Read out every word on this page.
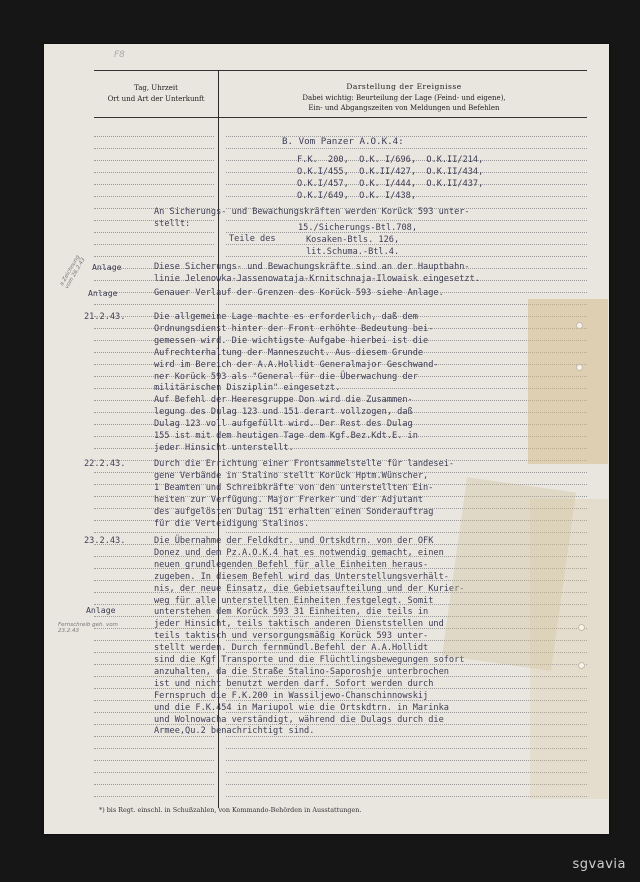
F8
Tag, Uhrzeit
Ort und Art der Unterkunft
Darstellung der Ereignisse
Dabei wichtig: Beurteilung der Lage (Feind- und eigene),
Ein- und Abgangszeiten von Meldungen und Befehlen
B. Vom Panzer A.O.K.4:
F.K.  200,  O.K. I/696,  O.K.II/214,
O.K.I/455,  O.K.II/427,  O.K.II/434,
O.K.I/457,  O.K. I/444,  O.K.II/437,
O.K.I/649,  O.K. I/438,
An Sicherungs- und Bewachungskräften werden Korück 593 unter-
stellt:
Teile des
15./Sicherungs-Btl.708,
Kosaken-Btls. 126,
lit.Schuma.-Btl.4.
Anlage	Diese Sicherungs- und Bewachungskräfte sind an der Hauptbahn-
linie Jelenowka-Jassenowataja-Krnitschnaja-Ilowaisk eingesetzt.
Anlage	Genauer Verlauf der Grenzen des Korück 593 siehe Anlage.
21.2.43.	Die allgemeine Lage machte es erforderlich, daß dem
Ordnungsdienst hinter der Front erhöhte Bedeutung bei-
gemessen wird. Die wichtigste Aufgabe hierbei ist die
Aufrechterhaltung der Manneszucht. Aus diesem Grunde
wird im Bereich der A.A.Hollidt Generalmajor Geschwand-
ner Korück 593 als "General für die Überwachung der
militärischen Disziplin" eingesetzt.
Auf Befehl der Heeresgruppe Don wird die Zusammen-
legung des Dulag 123 und 151 derart vollzogen, daß
Dulag 123 voll aufgefüllt wird. Der Rest des Dulag
155 ist mit dem heutigen Tage dem Kgf.Bez.Kdt.E. in
jeder Hinsicht unterstellt.
22.2.43.	Durch die Errichtung einer Frontsammelstelle für landesei-
gene Verbände in Stalino stellt Korück Hptm.Wünscher,
1 Beamten und Schreibkräfte von den unterstellten Ein-
heiten zur Verfügung. Major Frerker und der Adjutant
des aufgelösten Dulag 151 erhalten einen Sonderauftrag
für die Verteidigung Stalinos.
23.2.43.	Die Übernahme der Feldkdtr. und Ortskdtrn. von der OFK
Donez und dem Pz.A.O.K.4 hat es notwendig gemacht, einen
neuen grundlegenden Befehl für alle Einheiten heraus-
zugeben. In diesem Befehl wird das Unterstellungsverhält-
nis, der neue Einsatz, die Gebietsaufteilung und der Kurier-
weg für alle unterstellten Einheiten festgelegt. Somit
unterstehen dem Korück 593 31 Einheiten, die teils in
jeder Hinsicht, teils taktisch anderen Dienststellen und
teils taktisch und versorgungsmäßig Korück 593 unter-
stellt werden. Durch fernmündl.Befehl der A.A.Hollidt
sind die Kgf.Transporte und die Flüchtlingsbewegungen sofort
anzuhalten, da die Straße Stalino-Saporoshje unterbrochen
ist und nicht benutzt werden darf. Sofort werden durch
Fernspruch die F.K.200 in Wassiljewo-Chanschinnowskij
und die F.K.454 in Mariupol wie die Ortskdtrn. in Marinka
und Wolnowacha verständigt, während die Dulags durch die
Armee,Qu.2 benachrichtigt sind.
Anlage
a Zeichnung
vom 26.2.43
Fernschreib geh. vom
23.2.43
*) bis Regt. einschl. in Schußzahlen, von Kommando-Behörden in Ausstattungen.
sgvavia
